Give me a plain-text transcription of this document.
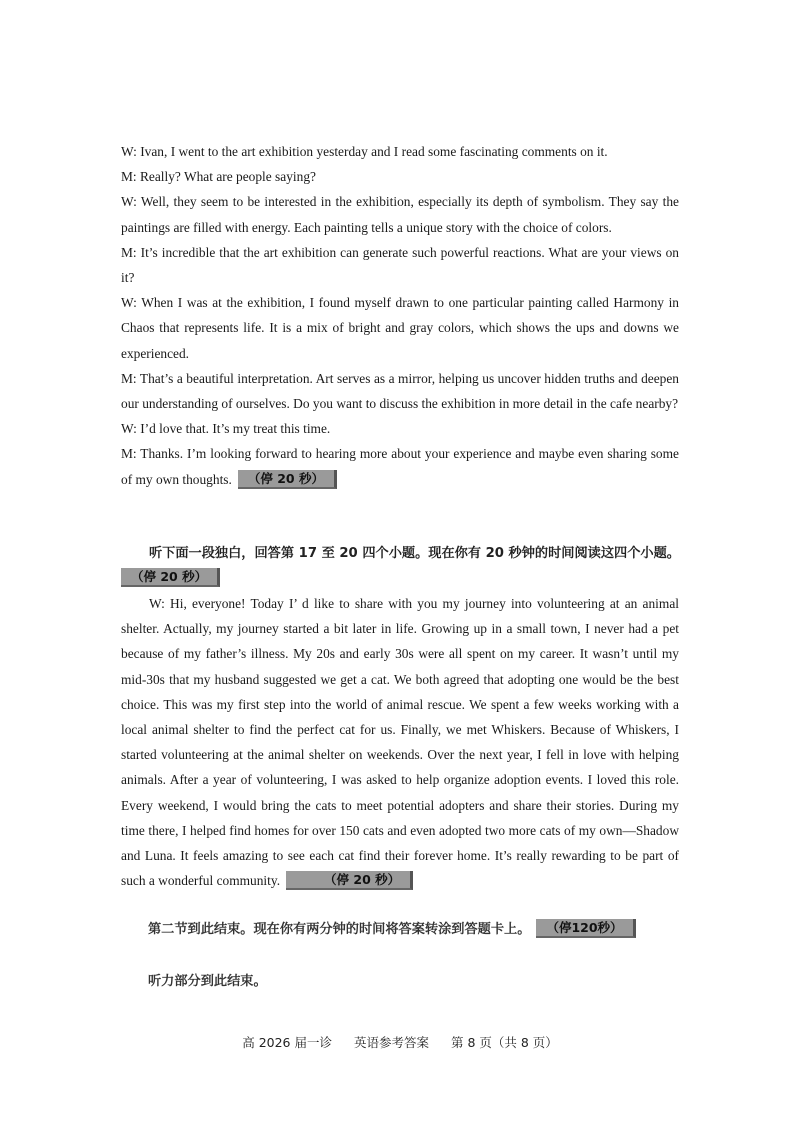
W: Ivan, I went to the art exhibition yesterday and I read some fascinating comments on it.

M: Really? What are people saying?

W: Well, they seem to be interested in the exhibition, especially its depth of symbolism. They say the paintings are filled with energy. Each painting tells a unique story with the choice of colors.

M: It’s incredible that the art exhibition can generate such powerful reactions. What are your views on it?

W: When I was at the exhibition, I found myself drawn to one particular painting called Harmony in Chaos that represents life. It is a mix of bright and gray colors, which shows the ups and downs we experienced.

M: That’s a beautiful interpretation. Art serves as a mirror, helping us uncover hidden truths and deepen our understanding of ourselves. Do you want to discuss the exhibition in more detail in the cafe nearby?

W: I’d love that. It’s my treat this time.

M: Thanks. I’m looking forward to hearing more about your experience and maybe even sharing some of my own thoughts. （停 20 秒）

听下面一段独白，回答第 17 至 20 四个小题。现在你有 20 秒钟的时间阅读这四个小题。
（停 20 秒）

W: Hi, everyone! Today I’ d like to share with you my journey into volunteering at an animal shelter. Actually, my journey started a bit later in life. Growing up in a small town, I never had a pet because of my father’s illness. My 20s and early 30s were all spent on my career. It wasn’t until my mid-30s that my husband suggested we get a cat. We both agreed that adopting one would be the best choice. This was my first step into the world of animal rescue. We spent a few weeks working with a local animal shelter to find the perfect cat for us. Finally, we met Whiskers. Because of Whiskers, I started volunteering at the animal shelter on weekends. Over the next year, I fell in love with helping animals. After a year of volunteering, I was asked to help organize adoption events. I loved this role. Every weekend, I would bring the cats to meet potential adopters and share their stories. During my time there, I helped find homes for over 150 cats and even adopted two more cats of my own—Shadow and Luna. It feels amazing to see each cat find their forever home. It’s really rewarding to be part of such a wonderful community.	（停 20 秒）

第二节到此结束。现在你有两分钟的时间将答案转涂到答题卡上。 （停120秒）
听力部分到此结束。
高 2026 届一诊 英语参考答案 第 8 页（共 8 页）
